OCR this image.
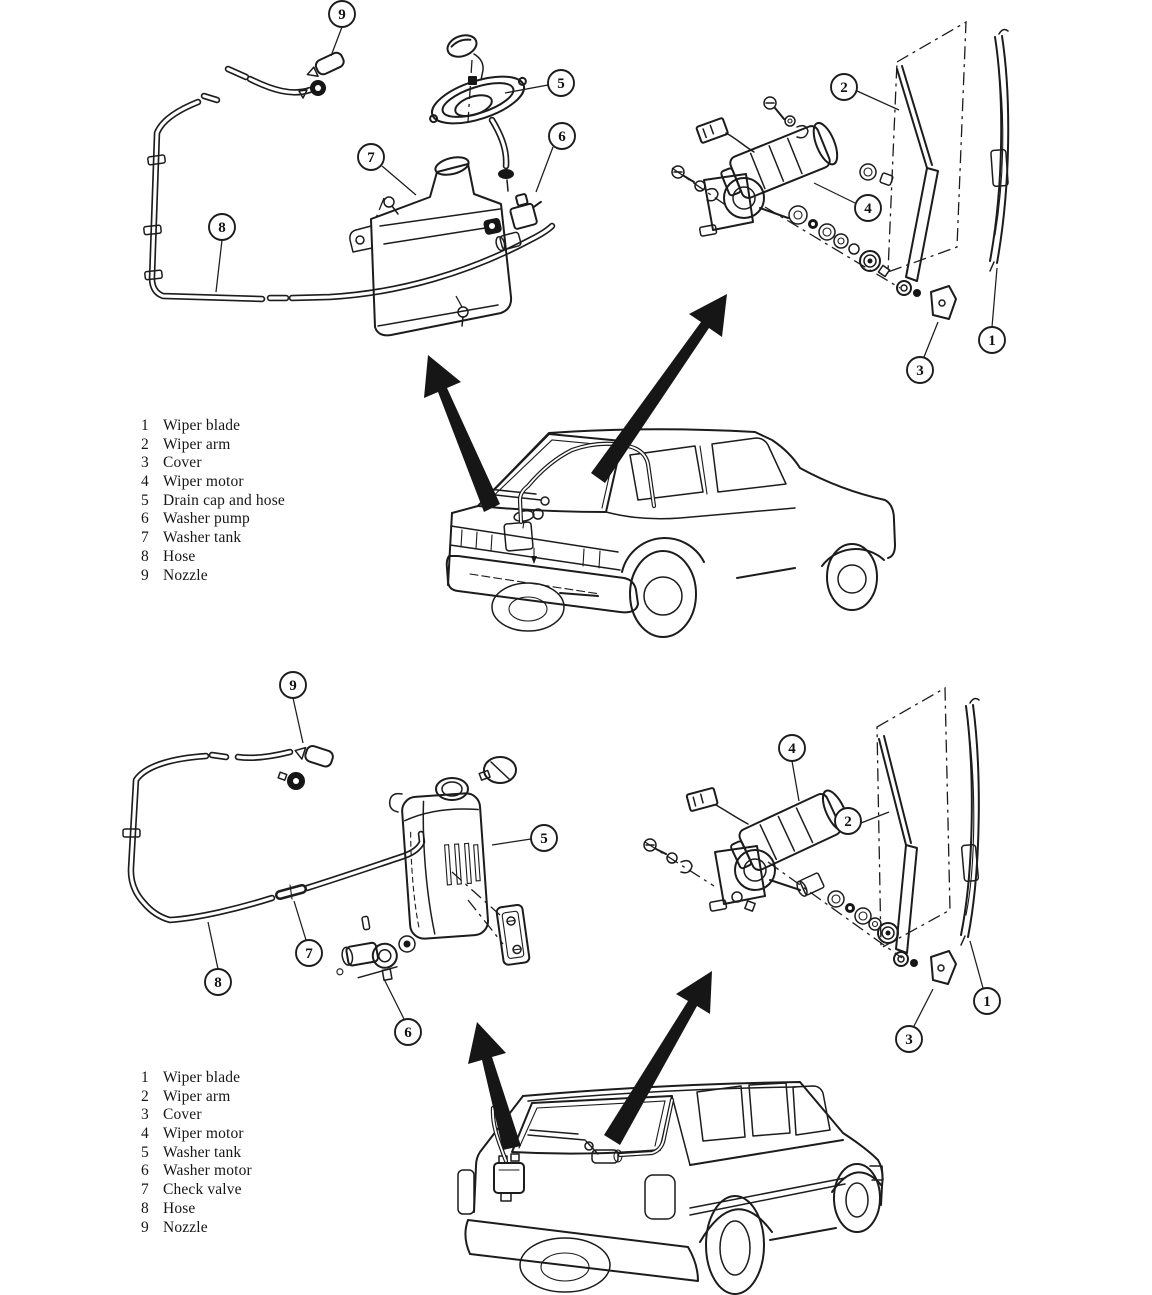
9
5
6
7
8
2
4
3
1
9
5
7
8
6
4
2
1
3
1 Wiper blade
2 Wiper arm
3 Cover
4 Wiper motor
5 Drain cap and hose
6 Washer pump
7 Washer tank
8 Hose
9 Nozzle
1 Wiper blade
2 Wiper arm
3 Cover
4 Wiper motor
5 Washer tank
6 Washer motor
7 Check valve
8 Hose
9 Nozzle
